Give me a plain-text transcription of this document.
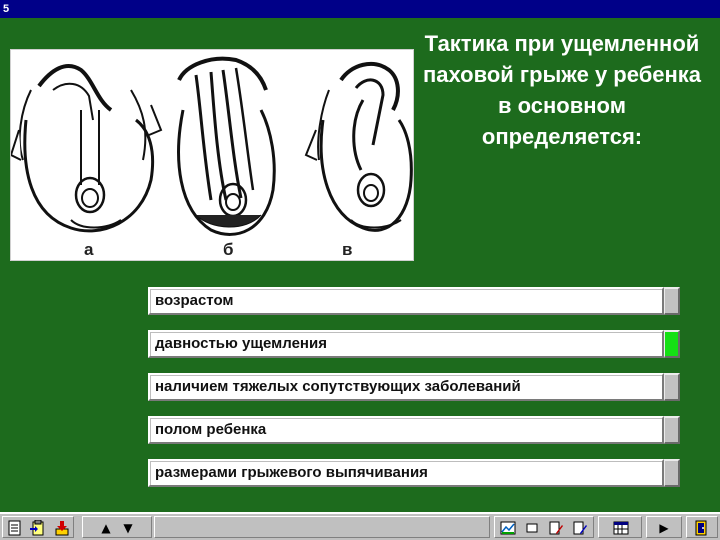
5
а	б	в
Тактика при ущемленной паховой грыже у ребенка в основном определяется:
возрастом
давностью ущемления
наличием тяжелых сопутствующих заболеваний
полом ребенка
размерами грыжевого выпячивания
▲	▼	▶
